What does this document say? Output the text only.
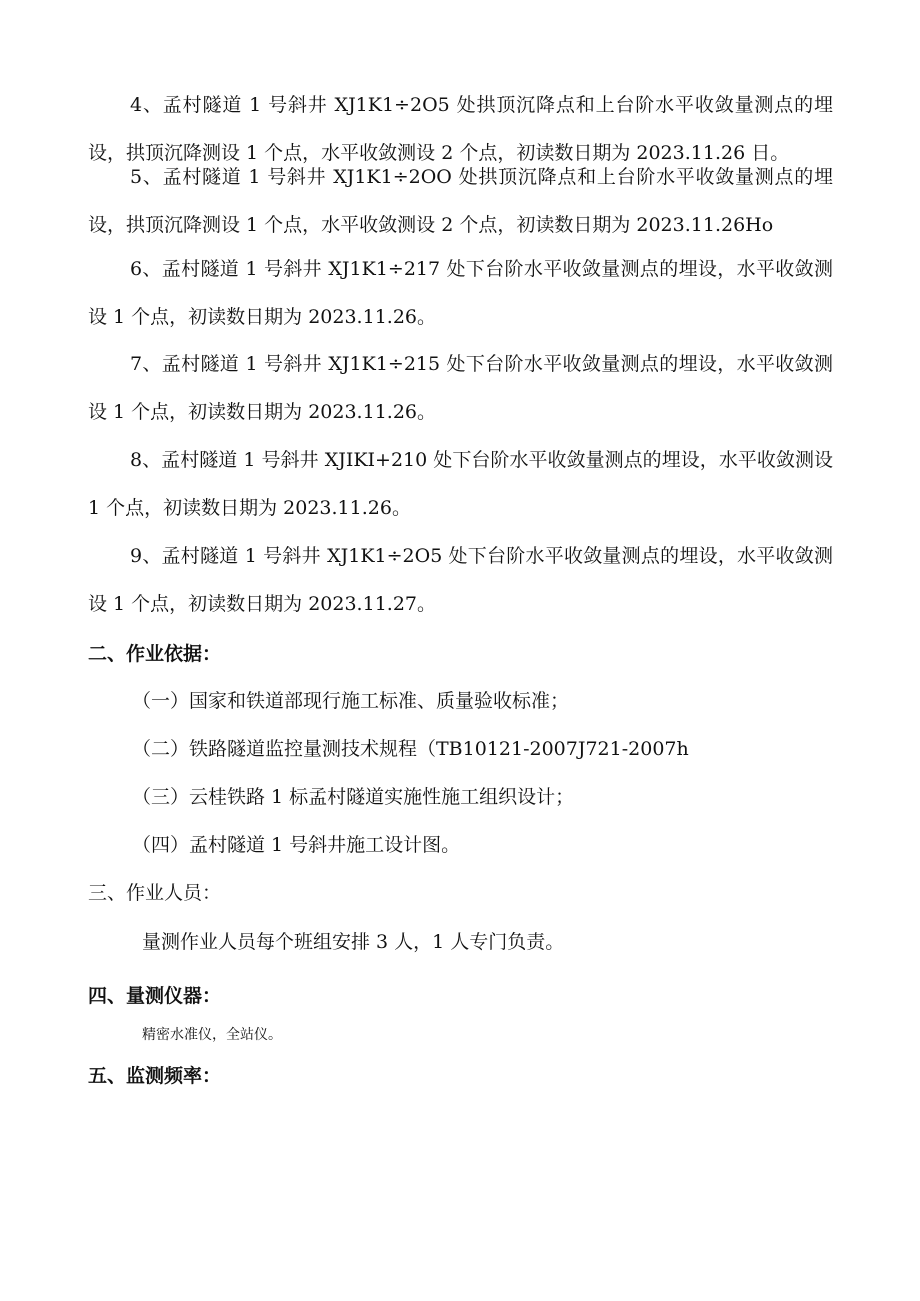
4、孟村隧道 1 号斜井 XJ1K1÷2O5 处拱顶沉降点和上台阶水平收敛量测点的埋设，拱顶沉降测设 1 个点，水平收敛测设 2 个点，初读数日期为 2023.11.26 日。

5、孟村隧道 1 号斜井 XJ1K1÷2OO 处拱顶沉降点和上台阶水平收敛量测点的埋设，拱顶沉降测设 1 个点，水平收敛测设 2 个点，初读数日期为 2023.11.26Ho

6、孟村隧道 1 号斜井 XJ1K1÷217 处下台阶水平收敛量测点的埋设，水平收敛测设 1 个点，初读数日期为 2023.11.26。

7、孟村隧道 1 号斜井 XJ1K1÷215 处下台阶水平收敛量测点的埋设，水平收敛测设 1 个点，初读数日期为 2023.11.26。

8、孟村隧道 1 号斜井 XJIKI+210 处下台阶水平收敛量测点的埋设，水平收敛测设 1 个点，初读数日期为 2023.11.26。

9、孟村隧道 1 号斜井 XJ1K1÷2O5 处下台阶水平收敛量测点的埋设，水平收敛测设 1 个点，初读数日期为 2023.11.27。

二、作业依据：

（一）国家和铁道部现行施工标准、质量验收标准；

（二）铁路隧道监控量测技术规程（TB10121-2007J721-2007h

（三）云桂铁路 1 标孟村隧道实施性施工组织设计；

（四）孟村隧道 1 号斜井施工设计图。

三、作业人员：

量测作业人员每个班组安排 3 人，1 人专门负责。

四、量测仪器：

精密水准仪，全站仪。

五、监测频率：
